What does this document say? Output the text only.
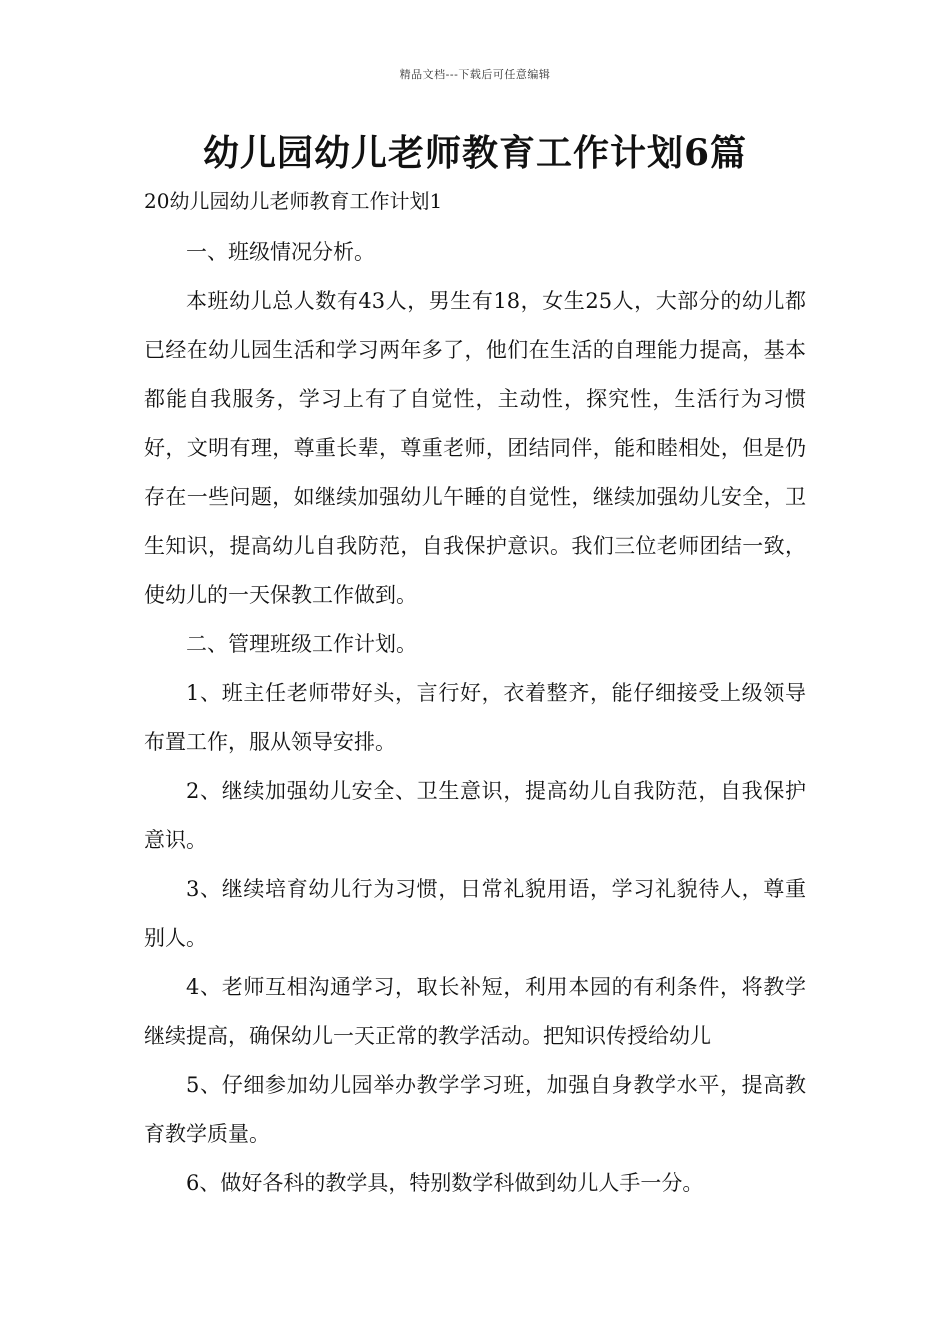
精品文档---下载后可任意编辑
幼儿园幼儿老师教育工作计划6篇
20幼儿园幼儿老师教育工作计划1

一、班级情况分析。

本班幼儿总人数有43人，男生有18，女生25人，大部分的幼儿都已经在幼儿园生活和学习两年多了，他们在生活的自理能力提高，基本都能自我服务，学习上有了自觉性，主动性，探究性，生活行为习惯好，文明有理，尊重长辈，尊重老师，团结同伴，能和睦相处，但是仍存在一些问题，如继续加强幼儿午睡的自觉性，继续加强幼儿安全，卫生知识，提高幼儿自我防范，自我保护意识。我们三位老师团结一致，使幼儿的一天保教工作做到。

二、管理班级工作计划。

1、班主任老师带好头，言行好，衣着整齐，能仔细接受上级领导布置工作，服从领导安排。

2、继续加强幼儿安全、卫生意识，提高幼儿自我防范，自我保护意识。

3、继续培育幼儿行为习惯，日常礼貌用语，学习礼貌待人，尊重别人。

4、老师互相沟通学习，取长补短，利用本园的有利条件，将教学继续提高，确保幼儿一天正常的教学活动。把知识传授给幼儿

5、仔细参加幼儿园举办教学学习班，加强自身教学水平，提高教育教学质量。

6、做好各科的教学具，特别数学科做到幼儿人手一分。
